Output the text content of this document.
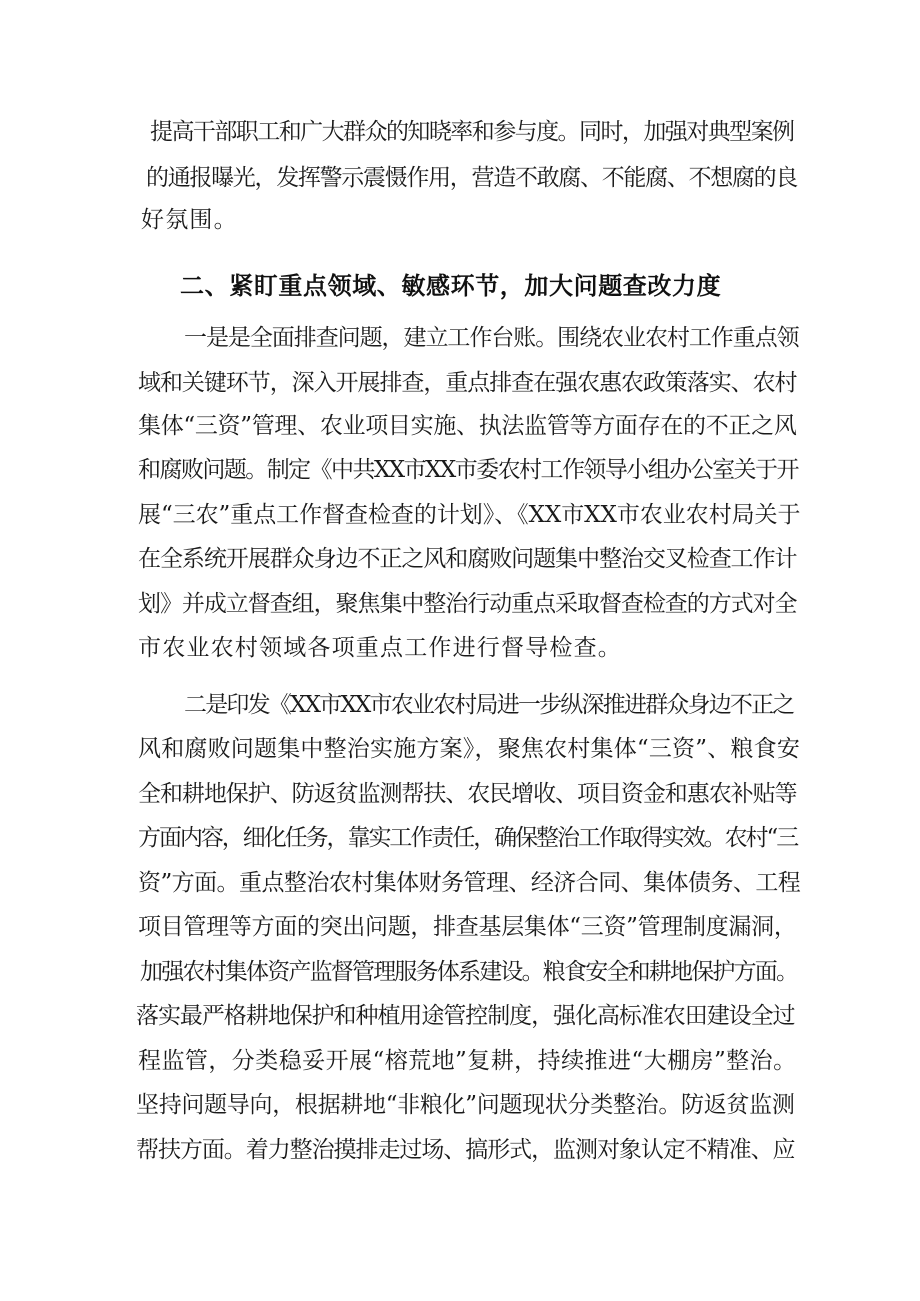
提高干部职工和广大群众的知晓率和参与度。同时，加强对典型案例
的通报曝光，发挥警示震慑作用，营造不敢腐、不能腐、不想腐的良
好氛围。
二、紧盯重点领域、敏感环节，加大问题查改力度
一是是全面排查问题，建立工作台账。围绕农业农村工作重点领
域和关键环节，深入开展排查，重点排查在强农惠农政策落实、农村
集体“三资”管理、农业项目实施、执法监管等方面存在的不正之风
和腐败问题。制定《中共XX市XX市委农村工作领导小组办公室关于开
展“三农”重点工作督查检查的计划》、《XX市XX市农业农村局关于
在全系统开展群众身边不正之风和腐败问题集中整治交叉检查工作计
划》并成立督查组，聚焦集中整治行动重点采取督查检查的方式对全
市农业农村领域各项重点工作进行督导检查。
二是印发《XX市XX市农业农村局进一步纵深推进群众身边不正之
风和腐败问题集中整治实施方案》，聚焦农村集体“三资”、粮食安
全和耕地保护、防返贫监测帮扶、农民增收、项目资金和惠农补贴等
方面内容，细化任务，靠实工作责任，确保整治工作取得实效。农村“三
资”方面。重点整治农村集体财务管理、经济合同、集体债务、工程
项目管理等方面的突出问题，排查基层集体“三资”管理制度漏洞，
加强农村集体资产监督管理服务体系建设。粮食安全和耕地保护方面。
落实最严格耕地保护和种植用途管控制度，强化高标准农田建设全过
程监管，分类稳妥开展“榕荒地”复耕，持续推进“大棚房”整治。
坚持问题导向，根据耕地“非粮化”问题现状分类整治。防返贫监测
帮扶方面。着力整治摸排走过场、搞形式，监测对象认定不精准、应
